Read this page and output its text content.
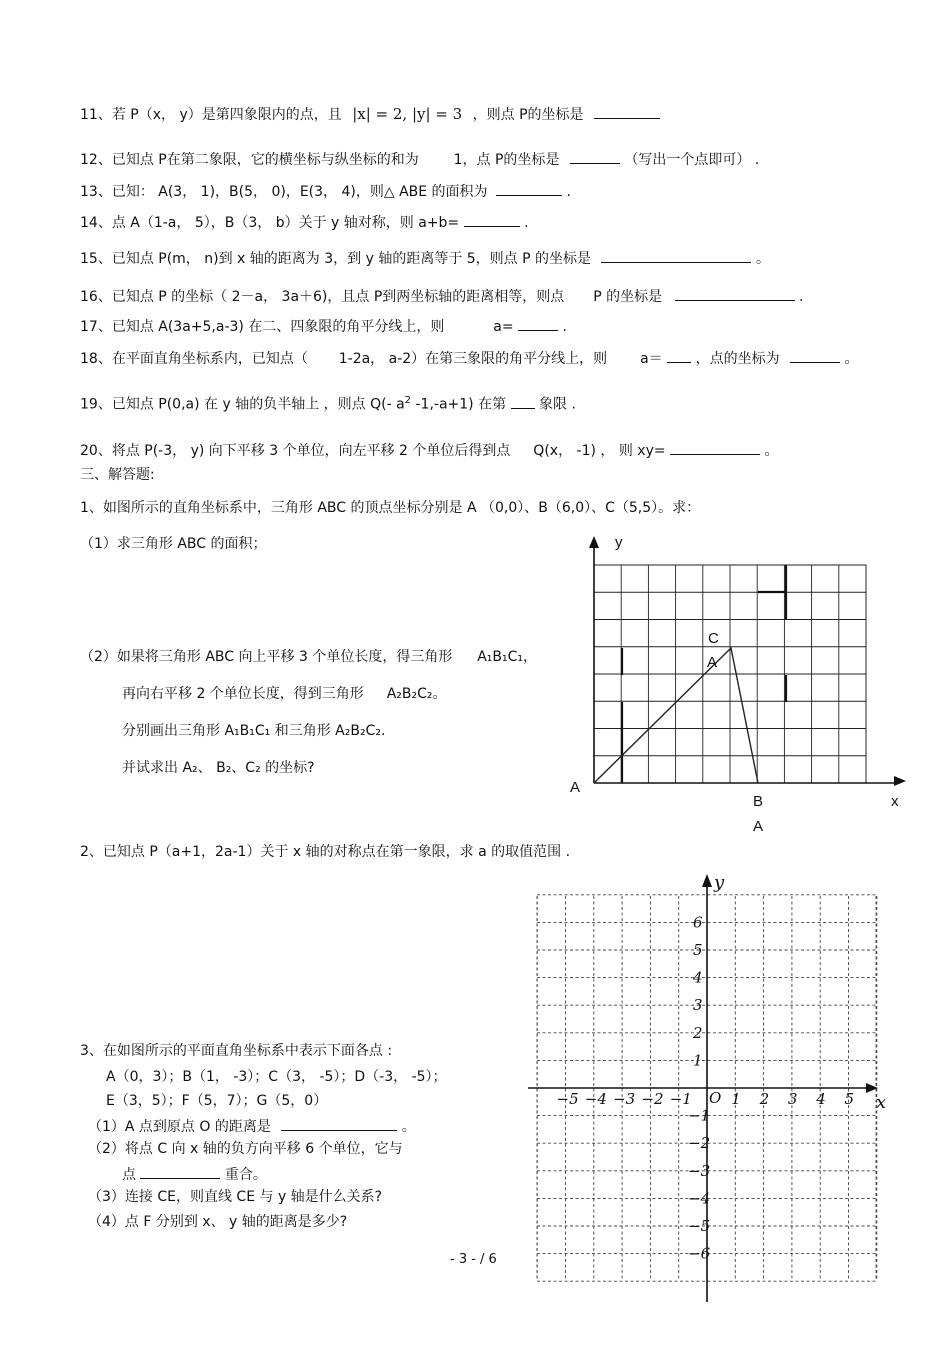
11、若 P（x， y）是第四象限内的点，且 |x| = 2, |y| = 3 ，则点 P的坐标是
12、已知点 P在第二象限，它的横坐标与纵坐标的和为 1，点 P的坐标是	（写出一个点即可） .
13、已知： A(3， 1)，B(5， 0)，E(3， 4)，则△ ABE 的面积为	.
14、点 A（1-a， 5），B（3， b）关于 y 轴对称，则 a+b=	.
15、已知点 P(m， n)到 x 轴的距离为 3，到 y 轴的距离等于 5，则点 P 的坐标是	。
16、已知点 P 的坐标（ 2－a， 3a＋6)，且点 P到两坐标轴的距离相等，则点 P 的坐标是	.
17、已知点 A(3a+5,a-3) 在二、四象限的角平分线上，则	a=	.
18、在平面直角坐标系内，已知点（ 1-2a， a-2）在第三象限的角平分线上，则 a＝ ，点的坐标为	。
19、已知点 P(0,a) 在 y 轴的负半轴上 ，则点 Q(- $a^2$ -1,-a+1) 在第 象限 .
20、将点 P(-3， y) 向下平移 3 个单位，向左平移 2 个单位后得到点 Q(x， -1) ， 则 xy=	。
三、解答题:
1、如图所示的直角坐标系中，三角形 ABC 的顶点坐标分别是 A （0,0）、B（6,0）、C（5,5）。求：
（1）求三角形 ABC 的面积；
（2）如果将三角形 ABC 向上平移 3 个单位长度，得三角形 A₁B₁C₁，
再向右平移 2 个单位长度，得到三角形 A₂B₂C₂。
分别画出三角形 A₁B₁C₁ 和三角形 A₂B₂C₂.
并试求出 A₂、 B₂、C₂ 的坐标?
y
x
C
A
A
B
A
2、已知点 P（a+1，2a-1）关于 x 轴的对称点在第一象限，求 a 的取值范围 .
3、在如图所示的平面直角坐标系中表示下面各点 :
A（0，3）；B（1， -3）；C（3， -5）；D（-3， -5）；
E（3，5）；F（5，7）；G（5，0）
（1）A 点到原点 O 的距离是	。
（2）将点 C 向 x 轴的负方向平移 6 个单位，它与
点	重合。
（3）连接 CE，则直线 CE 与 y 轴是什么关系?
（4）点 F 分别到 x、 y 轴的距离是多少?
−5 −4 −3 −2 −1	1 2 3 4 5
6
5
4
3
2
1
−1
−2
−3
−4
−5
−6
x
y
O
- 3 - / 6
